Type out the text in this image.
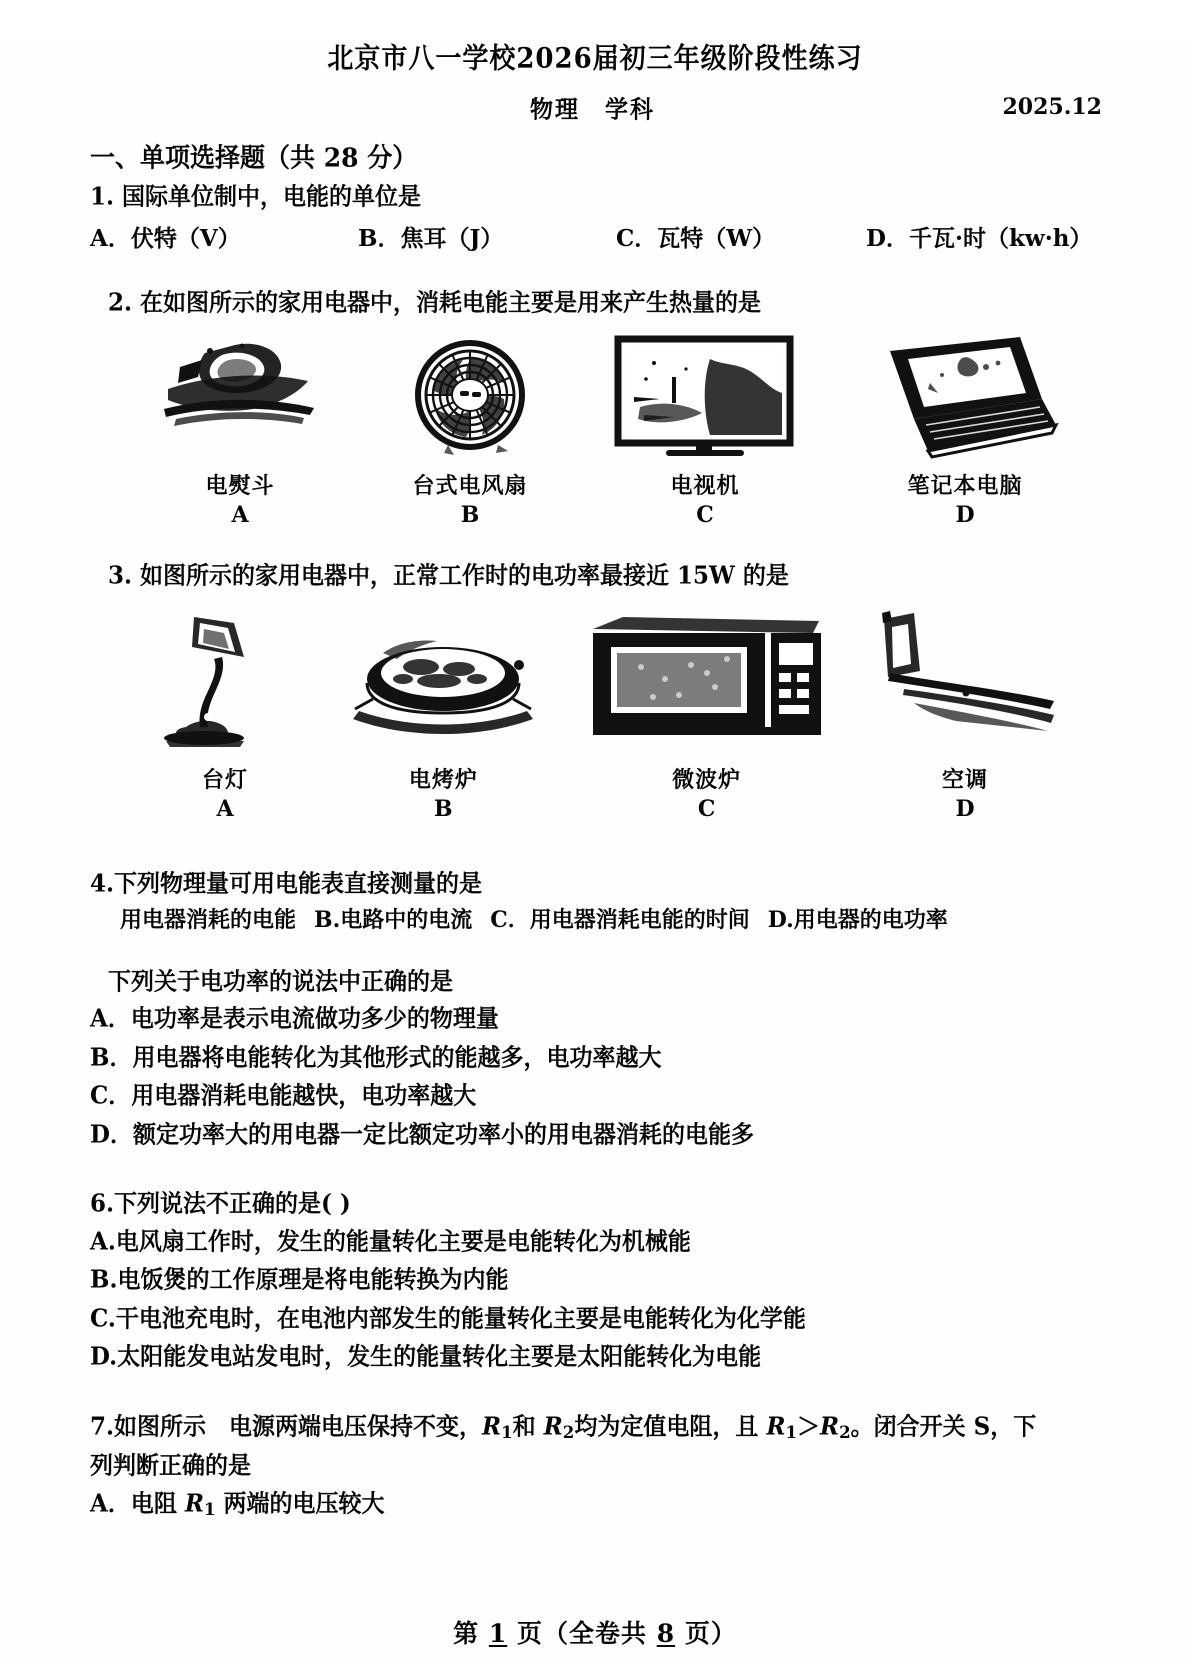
北京市八一学校2026届初三年级阶段性练习
物理　学科	2025.12
一、单项选择题（共 28 分）
1. 国际单位制中，电能的单位是
A．伏特（V）	B．焦耳（J）	C．瓦特（W）	D．千瓦·时（kw·h）
2. 在如图所示的家用电器中，消耗电能主要是用来产生热量的是
电熨斗
A
台式电风扇
B
电视机
C
笔记本电脑
D
3. 如图所示的家用电器中，正常工作时的电功率最接近 15W 的是
台灯
A
电烤炉
B
微波炉
C
空调
D
4.下列物理量可用电能表直接测量的是
用电器消耗的电能 B.电路中的电流 C．用电器消耗电能的时间 D.用电器的电功率
下列关于电功率的说法中正确的是
A．电功率是表示电流做功多少的物理量
B．用电器将电能转化为其他形式的能越多，电功率越大
C．用电器消耗电能越快，电功率越大
D．额定功率大的用电器一定比额定功率小的用电器消耗的电能多
6.下列说法不正确的是( )
A.电风扇工作时，发生的能量转化主要是电能转化为机械能
B.电饭煲的工作原理是将电能转换为内能
C.干电池充电时，在电池内部发生的能量转化主要是电能转化为化学能
D.太阳能发电站发电时，发生的能量转化主要是太阳能转化为电能
7.如图所示　电源两端电压保持不变，$R_1$和 $R_2$均为定值电阻，且 $R_1>R_2$。闭合开关 S，下
列判断正确的是
A．电阻 $R_1$ 两端的电压较大
第 1 页（全卷共 8 页）
